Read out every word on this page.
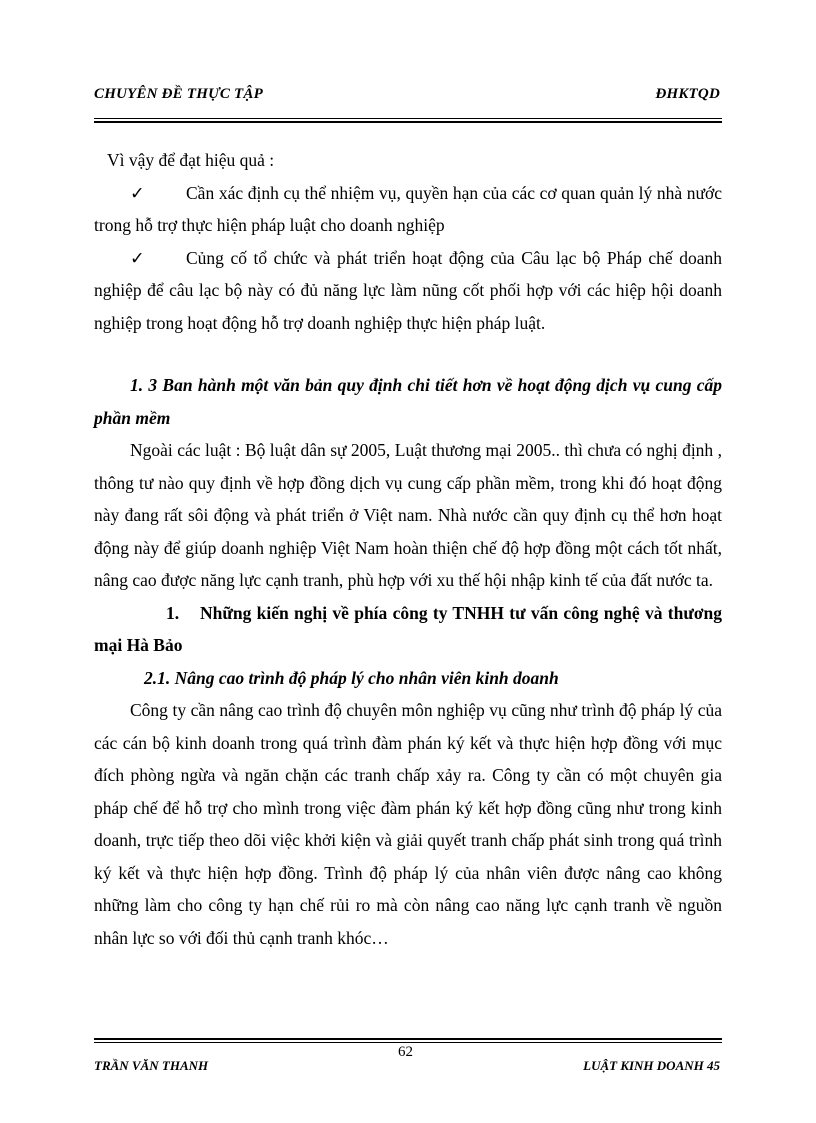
CHUYÊN ĐỀ THỰC TẬP	ĐHKTQD

Vì vậy để đạt hiệu quả :

✓ Cần xác định cụ thể nhiệm vụ, quyền hạn của các cơ quan quản lý nhà nước trong hỗ trợ thực hiện pháp luật cho doanh nghiệp

✓ Củng cố tổ chức và phát triển hoạt động của Câu lạc bộ Pháp chế doanh nghiệp để câu lạc bộ này có đủ năng lực làm nũng cốt phối hợp với các hiệp hội doanh nghiệp trong hoạt động hỗ trợ doanh nghiệp thực hiện pháp luật.

1. 3 Ban hành một văn bản quy định chi tiết hơn về hoạt động dịch vụ cung cấp phần mềm

Ngoài các luật : Bộ luật dân sự 2005, Luật thương mại 2005.. thì chưa có nghị định , thông tư nào quy định về hợp đồng dịch vụ cung cấp phần mềm, trong khi đó hoạt động này đang rất sôi động và phát triển ở Việt nam. Nhà nước cần quy định cụ thể hơn hoạt động này để giúp doanh nghiệp Việt Nam hoàn thiện chế độ hợp đồng một cách tốt nhất, nâng cao được năng lực cạnh tranh, phù hợp với xu thế hội nhập kinh tế của đất nước ta.

1. Những kiến nghị về phía công ty TNHH tư vấn công nghệ và thương mại Hà Bảo

2.1. Nâng cao trình độ pháp lý cho nhân viên kinh doanh

Công ty cần nâng cao trình độ chuyên môn nghiệp vụ cũng như trình độ pháp lý của các cán bộ kinh doanh trong quá trình đàm phán ký kết và thực hiện hợp đồng với mục đích phòng ngừa và ngăn chặn các tranh chấp xảy ra. Công ty cần có một chuyên gia pháp chế để hỗ trợ cho mình trong việc đàm phán ký kết hợp đồng cũng như trong kinh doanh, trực tiếp theo dõi việc khởi kiện và giải quyết tranh chấp phát sinh trong quá trình ký kết và thực hiện hợp đồng. Trình độ pháp lý của nhân viên được nâng cao không những làm cho công ty hạn chế rủi ro mà còn nâng cao năng lực cạnh tranh về nguồn nhân lực so với đối thủ cạnh tranh khóc…

62
TRẦN VĂN THANH	LUẬT KINH DOANH 45
